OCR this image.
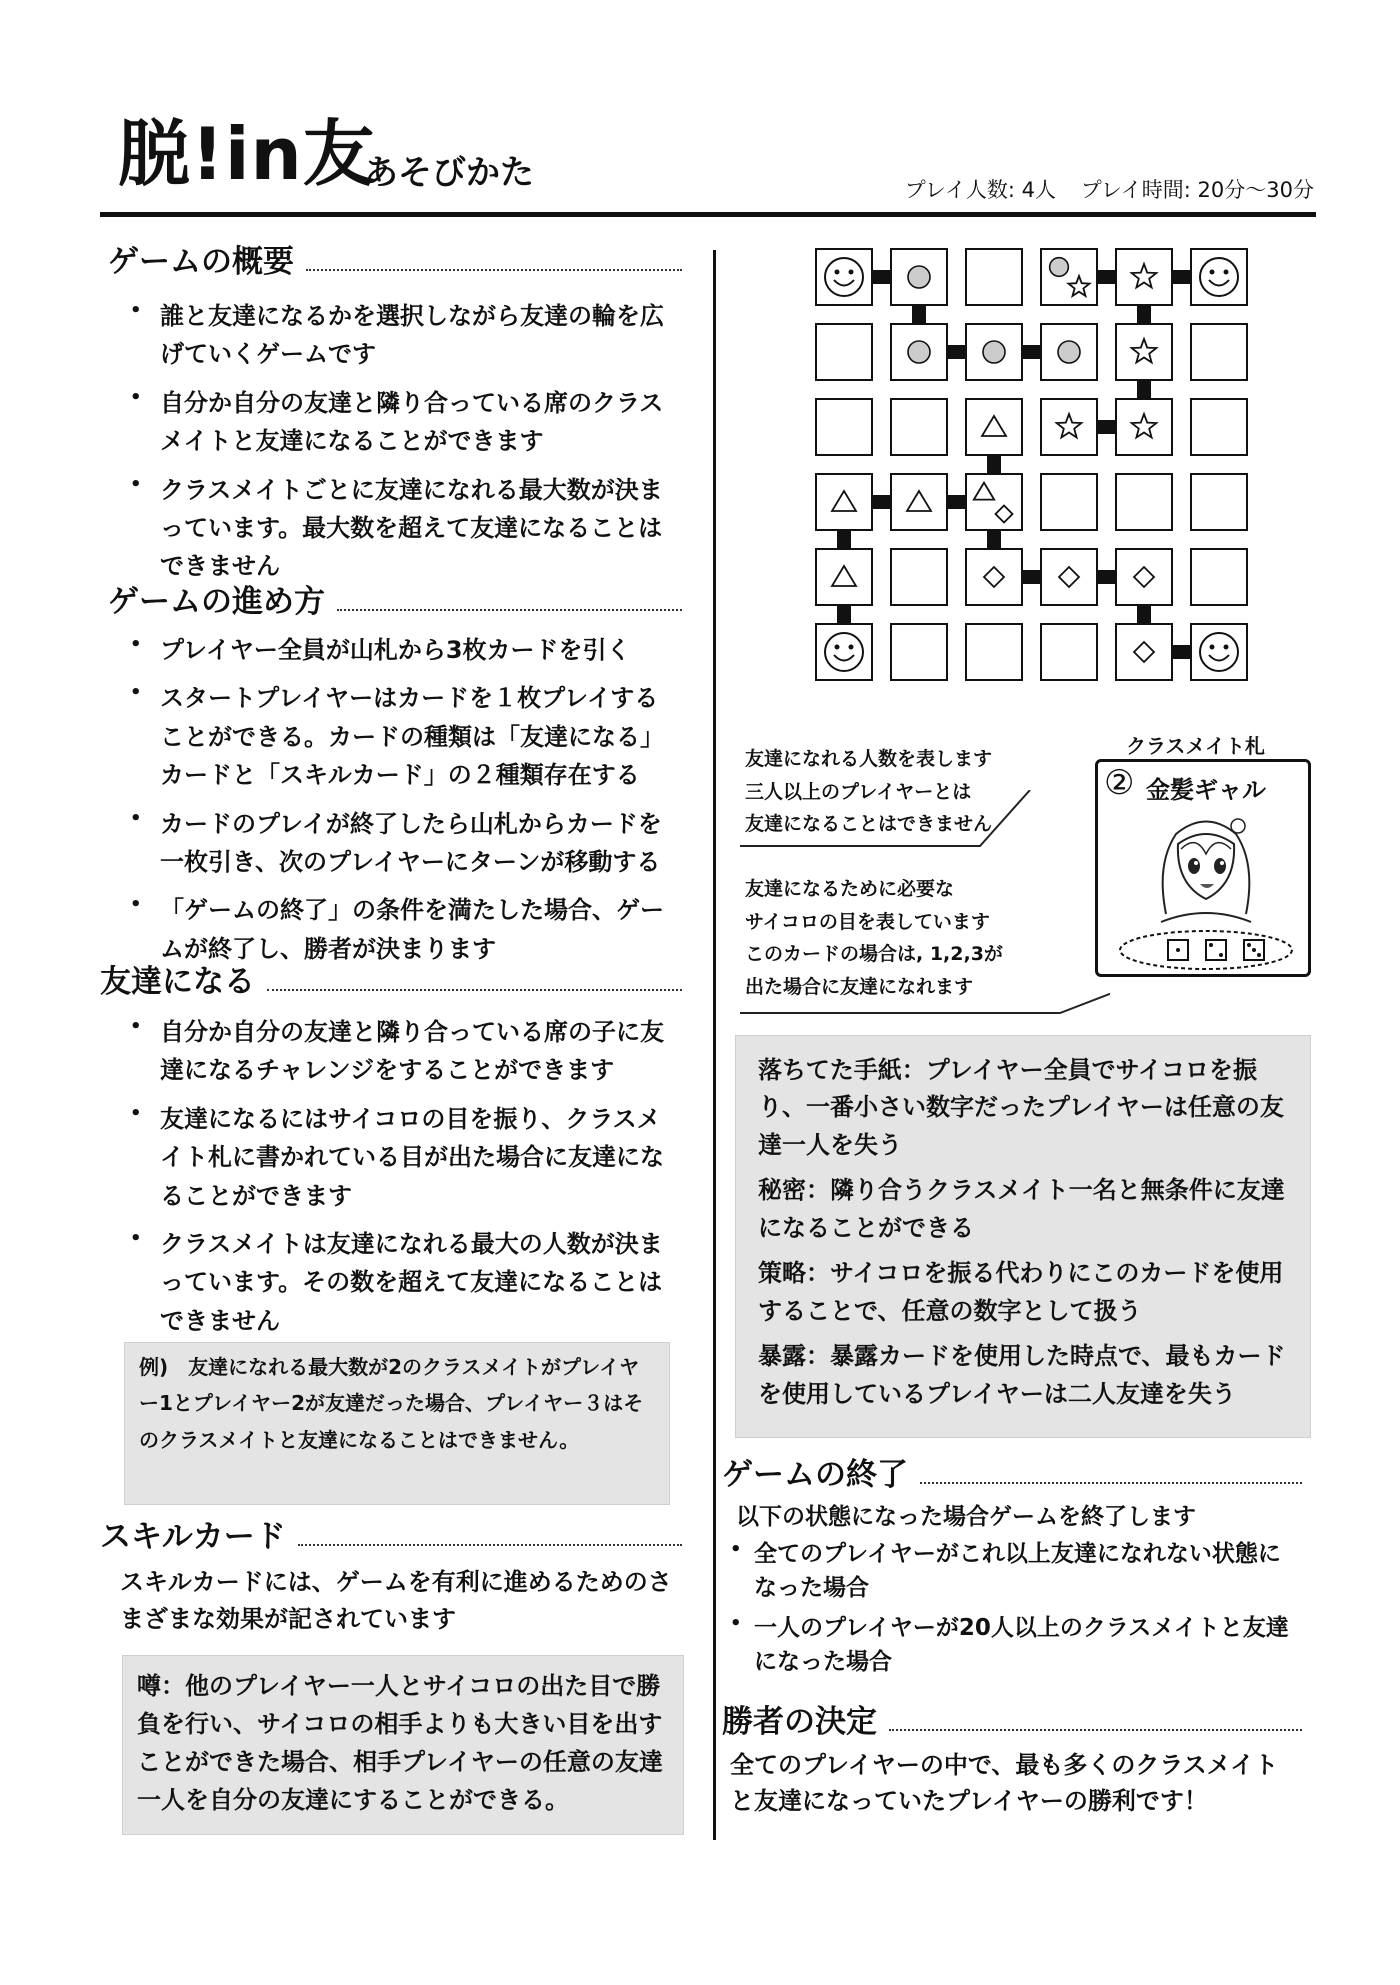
脱!in友
あそびかた	プレイ人数: 4人 プレイ時間: 20分〜30分
ゲームの概要
• 誰と友達になるかを選択しながら友達の輪を広げていくゲームです
• 自分か自分の友達と隣り合っている席のクラスメイトと友達になることができます
• クラスメイトごとに友達になれる最大数が決まっています。最大数を超えて友達になることはできません
ゲームの進め方
• プレイヤー全員が山札から3枚カードを引く
• スタートプレイヤーはカードを１枚プレイすることができる。カードの種類は「友達になる」カードと「スキルカード」の２種類存在する
• カードのプレイが終了したら山札からカードを一枚引き、次のプレイヤーにターンが移動する
• 「ゲームの終了」の条件を満たした場合、ゲームが終了し、勝者が決まります
友達になる
• 自分か自分の友達と隣り合っている席の子に友達になるチャレンジをすることができます
• 友達になるにはサイコロの目を振り、クラスメイト札に書かれている目が出た場合に友達になることができます
• クラスメイトは友達になれる最大の人数が決まっています。その数を超えて友達になることはできません
例)　友達になれる最大数が2のクラスメイトがプレイヤー1とプレイヤー2が友達だった場合、プレイヤー３はそのクラスメイトと友達になることはできません。
スキルカード
スキルカードには、ゲームを有利に進めるためのさまざまな効果が記されています
噂：他のプレイヤー一人とサイコロの出た目で勝負を行い、サイコロの相手よりも大きい目を出すことができた場合、相手プレイヤーの任意の友達一人を自分の友達にすることができる。
友達になれる人数を表します
三人以上のプレイヤーとは
友達になることはできません
友達になるために必要な
サイコロの目を表しています
このカードの場合は, 1,2,3が
出た場合に友達になれます
クラスメイト札
② 金髪ギャル
落ちてた手紙：プレイヤー全員でサイコロを振り、一番小さい数字だったプレイヤーは任意の友達一人を失う
秘密：隣り合うクラスメイト一名と無条件に友達になることができる
策略：サイコロを振る代わりにこのカードを使用することで、任意の数字として扱う
暴露：暴露カードを使用した時点で、最もカードを使用しているプレイヤーは二人友達を失う
ゲームの終了
以下の状態になった場合ゲームを終了します
• 全てのプレイヤーがこれ以上友達になれない状態になった場合
• 一人のプレイヤーが20人以上のクラスメイトと友達になった場合
勝者の決定
全てのプレイヤーの中で、最も多くのクラスメイトと友達になっていたプレイヤーの勝利です！
